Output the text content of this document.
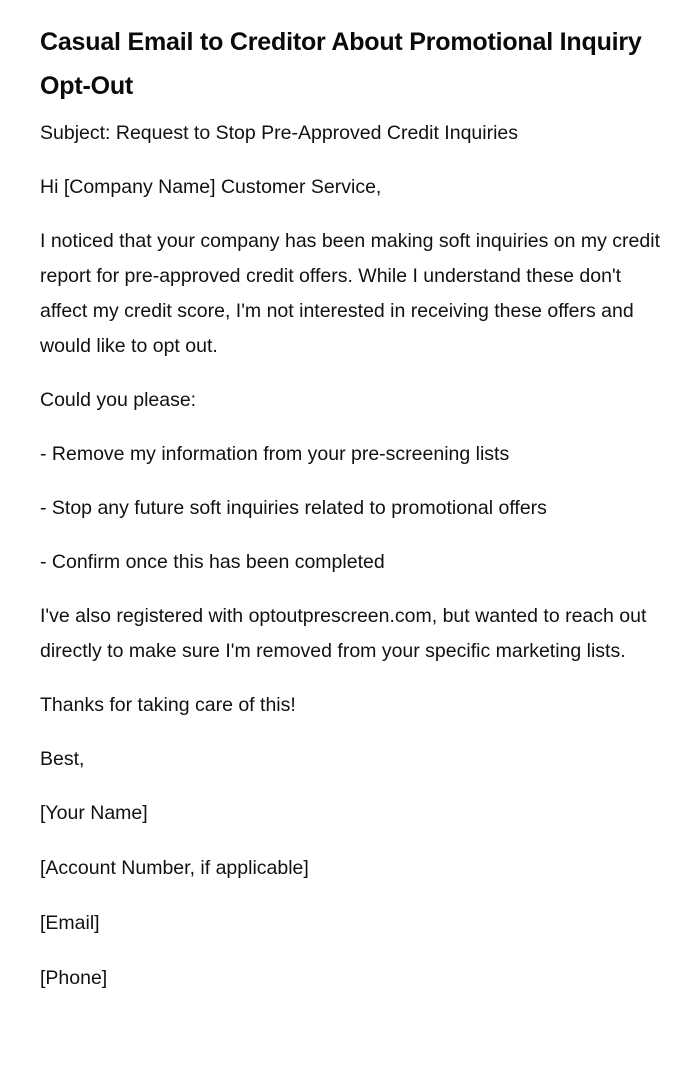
Casual Email to Creditor About Promotional Inquiry Opt-Out

Subject: Request to Stop Pre-Approved Credit Inquiries

Hi [Company Name] Customer Service,

I noticed that your company has been making soft inquiries on my credit report for pre-approved credit offers. While I understand these don't affect my credit score, I'm not interested in receiving these offers and would like to opt out.

Could you please:

- Remove my information from your pre-screening lists

- Stop any future soft inquiries related to promotional offers

- Confirm once this has been completed

I've also registered with optoutprescreen.com, but wanted to reach out directly to make sure I'm removed from your specific marketing lists.

Thanks for taking care of this!

Best,

[Your Name]

[Account Number, if applicable]

[Email]

[Phone]
